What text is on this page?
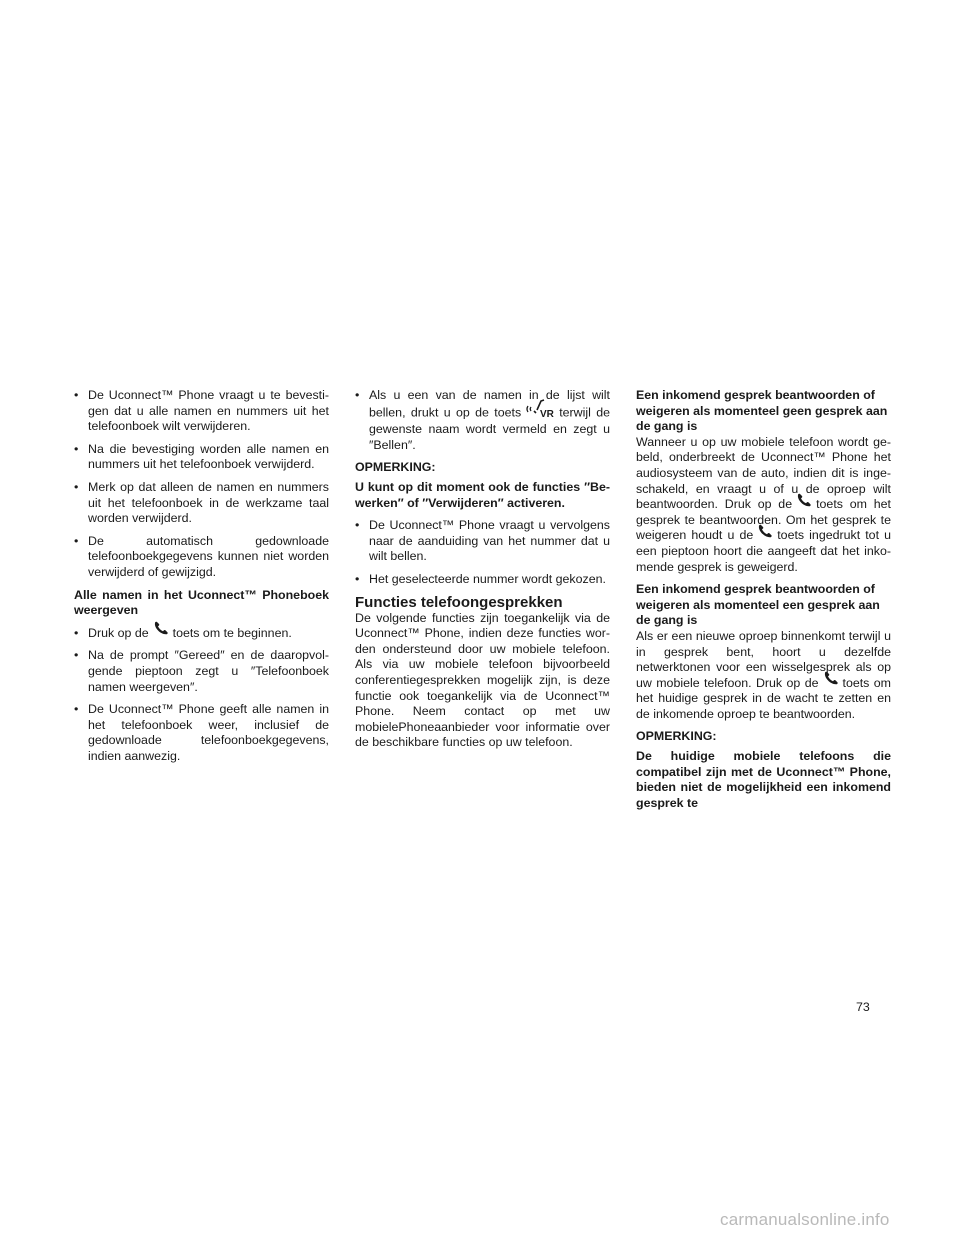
• De Uconnect™ Phone vraagt u te bevestigen dat u alle namen en nummers uit het telefoonboek wilt verwijderen.
• Na die bevestiging worden alle namen en nummers uit het telefoonboek verwijderd.
• Merk op dat alleen de namen en nummers uit het telefoonboek in de werkzame taal worden verwijderd.
• De automatisch gedownloade telefoonboekgegevens kunnen niet worden verwijderd of gewijzigd.
Alle namen in het Uconnect™ Phoneboek weergeven
• Druk op de toets om te beginnen.
• Na de prompt ″Gereed″ en de daaropvolgende pieptoon zegt u ″Telefoonboek namen weergeven″.
• De Uconnect™ Phone geeft alle namen in het telefoonboek weer, inclusief de gedownloade telefoonboekgegevens, indien aanwezig.
• Als u een van de namen in de lijst wilt bellen, drukt u op de toets VR terwijl de gewenste naam wordt vermeld en zegt u ″Bellen″.
OPMERKING:
U kunt op dit moment ook de functies ″Bewerken″ of ″Verwijderen″ activeren.
• De Uconnect™ Phone vraagt u vervolgens naar de aanduiding van het nummer dat u wilt bellen.
• Het geselecteerde nummer wordt gekozen.
Functies telefoongesprekken
De volgende functies zijn toegankelijk via de Uconnect™ Phone, indien deze functies worden ondersteund door uw mobiele telefoon. Als via uw mobiele telefoon bijvoorbeeld conferentiegesprekken mogelijk zijn, is deze functie ook toegankelijk via de Uconnect™ Phone. Neem contact op met uw mobielePhoneaanbieder voor informatie over de beschikbare functies op uw telefoon.
Een inkomend gesprek beantwoorden of weigeren als momenteel geen gesprek aan de gang is
Wanneer u op uw mobiele telefoon wordt gebeld, onderbreekt de Uconnect™ Phone het audiosysteem van de auto, indien dit is ingeschakeld, en vraagt u of u de oproep wilt beantwoorden. Druk op de toets om het gesprek te beantwoorden. Om het gesprek te weigeren houdt u de toets ingedrukt tot u een pieptoon hoort die aangeeft dat het inkomende gesprek is geweigerd.
Een inkomend gesprek beantwoorden of weigeren als momenteel een gesprek aan de gang is
Als er een nieuwe oproep binnenkomt terwijl u in gesprek bent, hoort u dezelfde netwerktonen voor een wisselgesprek als op uw mobiele telefoon. Druk op de toets om het huidige gesprek in de wacht te zetten en de inkomende oproep te beantwoorden.
OPMERKING:
De huidige mobiele telefoons die compatibel zijn met de Uconnect™ Phone, bieden niet de mogelijkheid een inkomend gesprek te
73
carmanualsonline.info
